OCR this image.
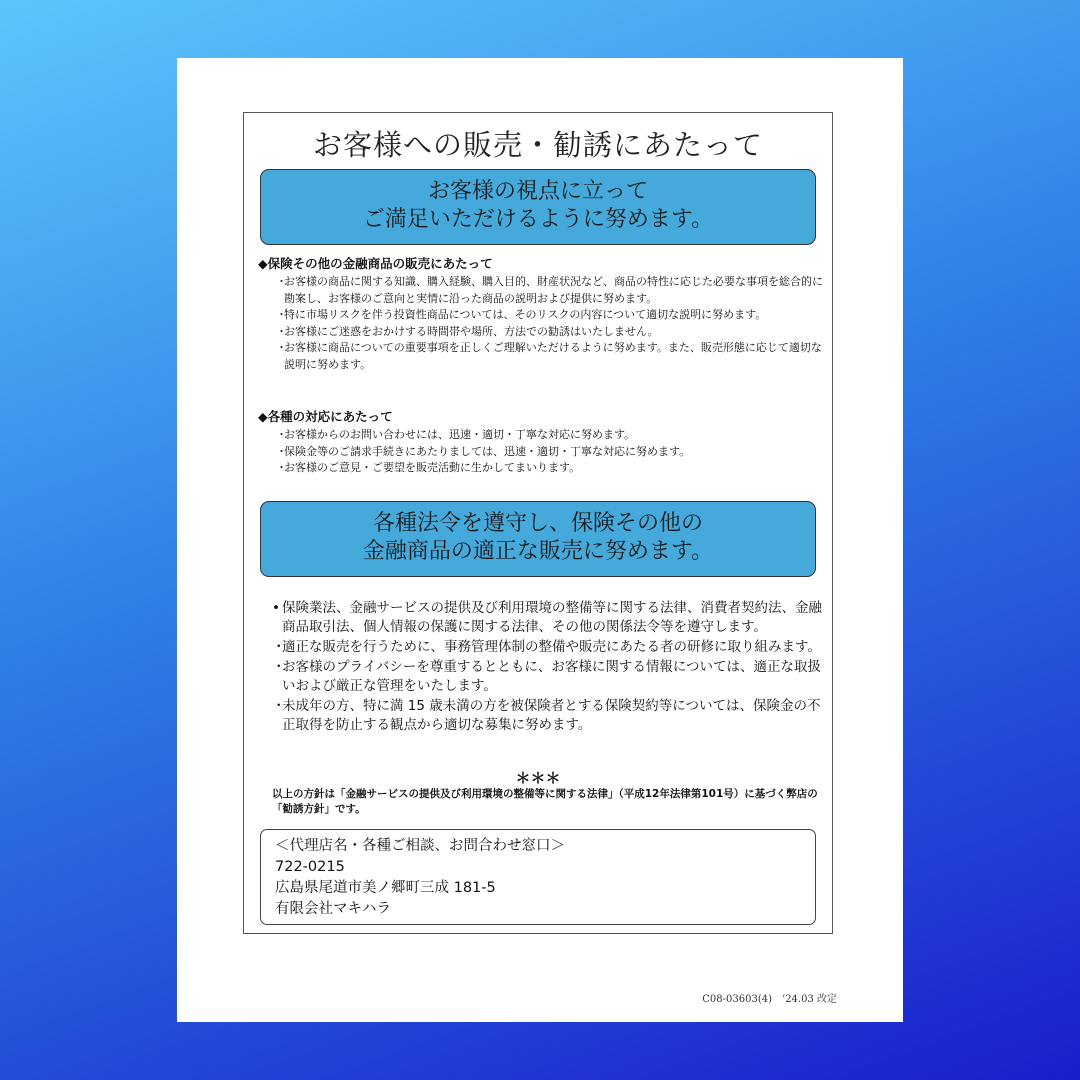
お客様への販売・勧誘にあたって
お客様の視点に立って
ご満足いただけるように努めます。
◆保険その他の金融商品の販売にあたって
・
お客様の商品に関する知識、購入経験、購入目的、財産状況など、商品の特性に応じた必要な事項を総合的に勘案し、お客様のご意向と実情に沿った商品の説明および提供に努めます。
・
特に市場リスクを伴う投資性商品については、そのリスクの内容について適切な説明に努めます。
・
お客様にご迷惑をおかけする時間帯や場所、方法での勧誘はいたしません。
・
お客様に商品についての重要事項を正しくご理解いただけるように努めます。また、販売形態に応じて適切な説明に努めます。
◆各種の対応にあたって
・
お客様からのお問い合わせには、迅速・適切・丁寧な対応に努めます。
・
保険金等のご請求手続きにあたりましては、迅速・適切・丁寧な対応に努めます。
・
お客様のご意見・ご要望を販売活動に生かしてまいります。
各種法令を遵守し、保険その他の
金融商品の適正な販売に努めます。
• 保険業法、金融サービスの提供及び利用環境の整備等に関する法律、消費者契約法、金融商品取引法、個人情報の保護に関する法律、その他の関係法令等を遵守します。
・
適正な販売を行うために、事務管理体制の整備や販売にあたる者の研修に取り組みます。
・
お客様のプライバシーを尊重するとともに、お客様に関する情報については、適正な取扱いおよび厳正な管理をいたします。
・
未成年の方、特に満 15 歳未満の方を被保険者とする保険契約等については、保険金の不正取得を防止する観点から適切な募集に努めます。
＊＊＊
以上の方針は「金融サービスの提供及び利用環境の整備等に関する法律」（平成12年法律第101号）に基づく弊店の「勧誘方針」です。
＜代理店名・各種ご相談、お問合わせ窓口＞
722-0215
広島県尾道市美ノ郷町三成 181-5
有限会社マキハラ
C08-03603(4)　’24.03 改定
